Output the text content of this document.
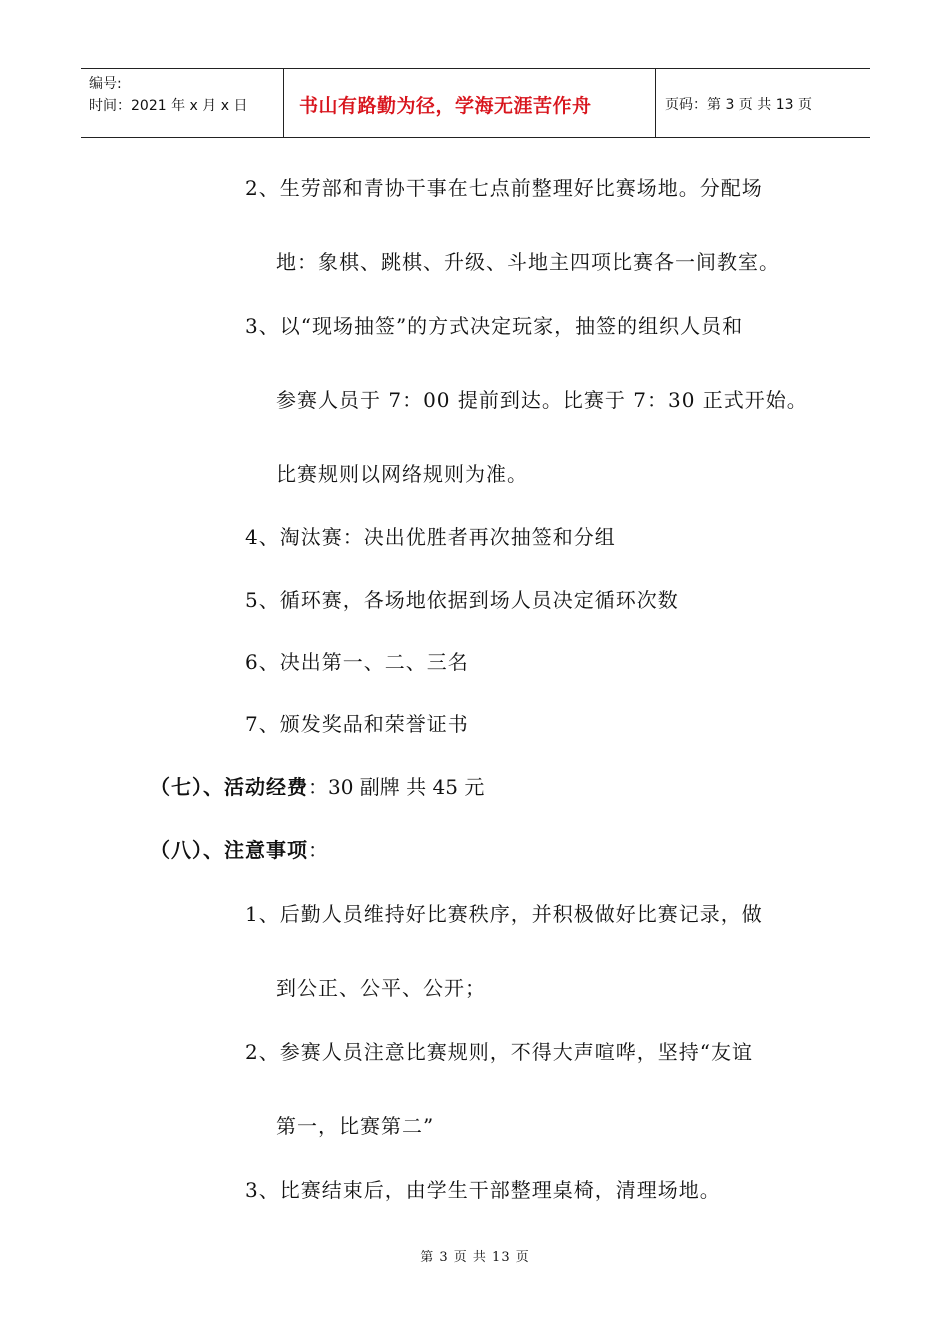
编号:
时间：2021 年 x 月 x 日	书山有路勤为径，学海无涯苦作舟	页码：第 3 页 共 13 页
2、生劳部和青协干事在七点前整理好比赛场地。分配场
地：象棋、跳棋、升级、斗地主四项比赛各一间教室。
3、以“现场抽签”的方式决定玩家，抽签的组织人员和
参赛人员于 7：00 提前到达。比赛于 7：30 正式开始。
比赛规则以网络规则为准。
4、淘汰赛：决出优胜者再次抽签和分组
5、循环赛，各场地依据到场人员决定循环次数
6、决出第一、二、三名
7、颁发奖品和荣誉证书
（七）、活动经费：30 副牌 共 45 元
（八）、注意事项：
1、后勤人员维持好比赛秩序，并积极做好比赛记录，做
到公正、公平、公开；
2、参赛人员注意比赛规则，不得大声喧哗，坚持“友谊
第一，比赛第二”
3、比赛结束后，由学生干部整理桌椅，清理场地。
第 3 页 共 13 页
